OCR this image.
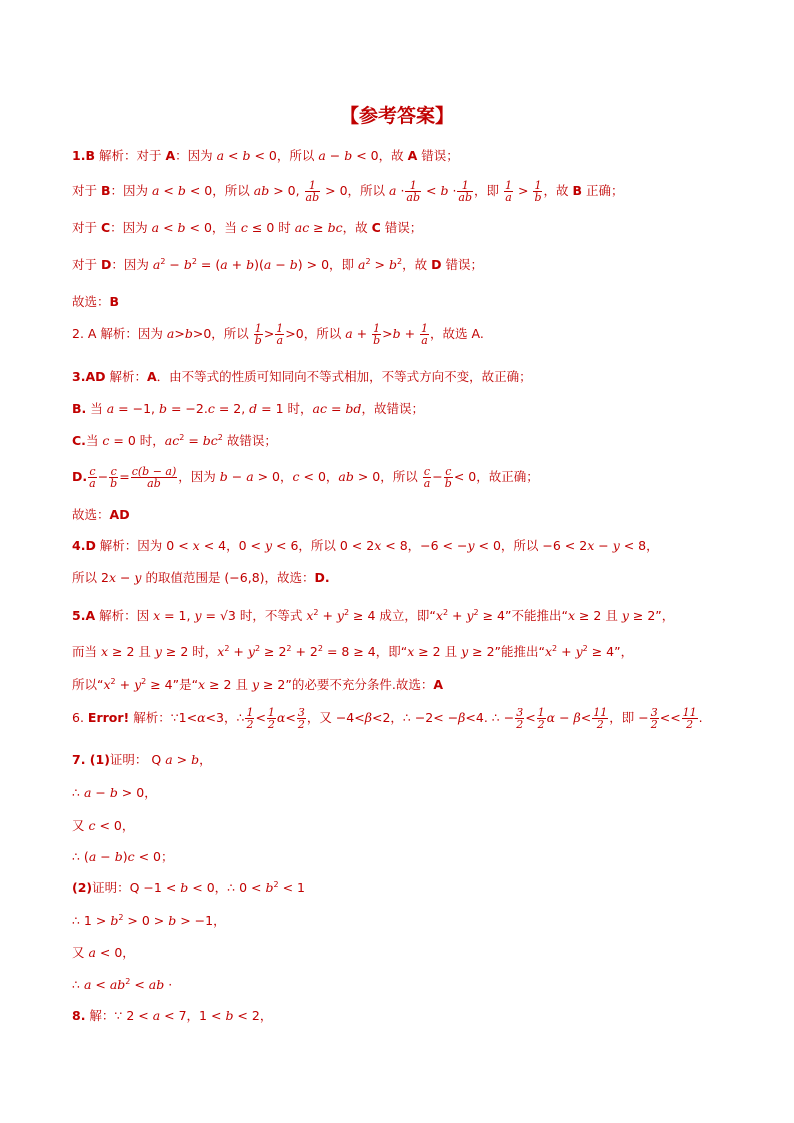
【参考答案】
1.B 解析：对于 A：因为 a < b < 0，所以 a − b < 0，故 A 错误；
对于 B：因为 a < b < 0，所以 ab > 0, $\frac{1}{ab} > 0$，所以 $a \cdot \frac{1}{ab} < b \cdot \frac{1}{ab}$ ，即 $\frac{1}{a} > \frac{1}{b}$ ，故 B 正确；
对于 C：因为 a < b < 0，当 c ≤ 0 时 ac ≥ bc，故 C 错误；
对于 D：因为 $a^2 - b^2 = (a + b)(a - b) > 0$，即 $a^2 > b^2$，故 D 错误；
故选：B
2. A 解析：因为 a>b>0，所以 $\frac{1}{b} > \frac{1}{a} >0$，所以 $a + \frac{1}{b} >b + \frac{1}{a}$ ，故选 A.
3.AD 解析：A．由不等式的性质可知同向不等式相加，不等式方向不变，故正确；
B. 当 a = −1, b = −2.c = 2, d = 1 时，ac = bd，故错误；
C.当 c = 0 时，$ac^2 = bc^2$ 故错误；
D. $\frac{c}{a} - \frac{c}{b} = \frac{c(b - a)}{ab}$ ，因为 b − a > 0，c < 0，ab > 0，所以 $\frac{c}{a} - \frac{c}{b} < 0$，故正确；
故选：AD
4.D 解析：因为 0 < x < 4，0 < y < 6，所以 0 < 2x < 8，−6 < −y < 0，所以 −6 < 2x − y < 8，
所以 2x − y 的取值范围是 (−6,8)，故选：D.
5.A 解析：因 x = 1, y = √3 时，不等式 $x^2 + y^2 \ge 4$ 成立，即“$x^2 + y^2 \ge 4$”不能推出“x ≥ 2 且 y ≥ 2”，
而当 x ≥ 2 且 y ≥ 2 时，$x^2 + y^2 \ge 2^2 + 2^2 = 8 \ge 4$，即“x ≥ 2 且 y ≥ 2”能推出“$x^2 + y^2 \ge 4$”，
所以“$x^2 + y^2 \ge 4$”是“x ≥ 2 且 y ≥ 2”的必要不充分条件.故选：A
6. Error! 解析：∵1<α<3，∴ $\frac{1}{2} < \frac{1}{2} \alpha< \frac{3}{2}$ ，又 −4<β<2，∴ −2< −β<4. ∴ − $\frac{3}{2} < \frac{1}{2}$ $\alpha - \beta< \frac{11}{2}$ ，即 − $\frac{3}{2} << \frac{11}{2}$ .
7. (1)证明： Q a > b，
∴ a − b > 0，
又 c < 0，
∴ (a − b)c < 0；
(2)证明：Q −1 < b < 0，∴ $0 < b^2 < 1$
∴ $1 > b^2 > 0 > b > -1$，
又 a < 0，
∴ $a < ab^2$ < ab ·
8. 解：∵ 2 < a < 7，1 < b < 2，
